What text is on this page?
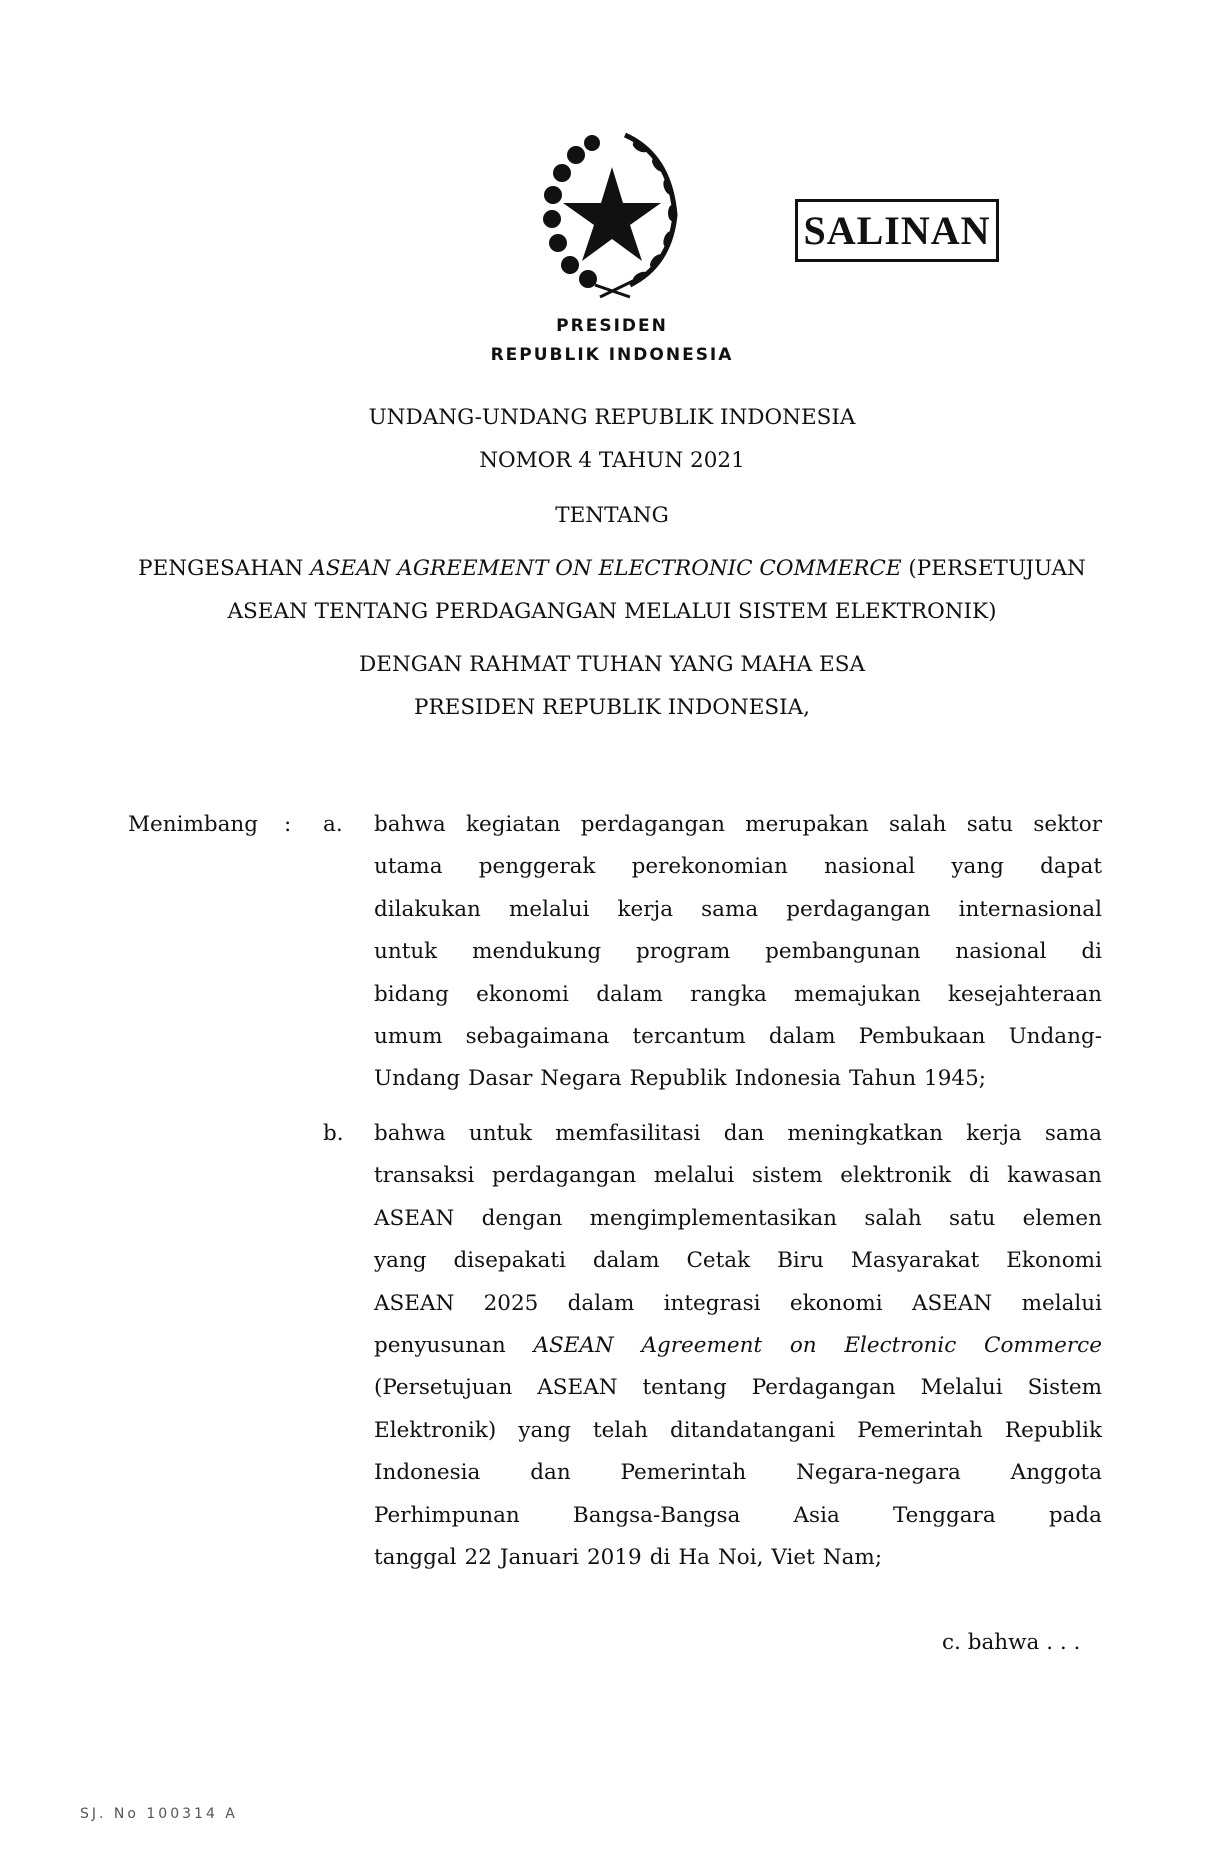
SALINAN
PRESIDEN
REPUBLIK INDONESIA
UNDANG-UNDANG REPUBLIK INDONESIA
NOMOR 4 TAHUN 2021
TENTANG
PENGESAHAN ASEAN AGREEMENT ON ELECTRONIC COMMERCE (PERSETUJUAN
ASEAN TENTANG PERDAGANGAN MELALUI SISTEM ELEKTRONIK)
DENGAN RAHMAT TUHAN YANG MAHA ESA
PRESIDEN REPUBLIK INDONESIA,
Menimbang : a.
b.
bahwa kegiatan perdagangan merupakan salah satu sektor
utama penggerak perekonomian nasional yang dapat
dilakukan melalui kerja sama perdagangan internasional
untuk mendukung program pembangunan nasional di
bidang ekonomi dalam rangka memajukan kesejahteraan
umum sebagaimana tercantum dalam Pembukaan Undang-
Undang Dasar Negara Republik Indonesia Tahun 1945;
bahwa untuk memfasilitasi dan meningkatkan kerja sama
transaksi perdagangan melalui sistem elektronik di kawasan
ASEAN dengan mengimplementasikan salah satu elemen
yang disepakati dalam Cetak Biru Masyarakat Ekonomi
ASEAN 2025 dalam integrasi ekonomi ASEAN melalui
penyusunan ASEAN Agreement on Electronic Commerce
(Persetujuan ASEAN tentang Perdagangan Melalui Sistem
Elektronik) yang telah ditandatangani Pemerintah Republik
Indonesia dan Pemerintah Negara-negara Anggota
Perhimpunan Bangsa-Bangsa Asia Tenggara pada
tanggal 22 Januari 2019 di Ha Noi, Viet Nam;
c. bahwa . . .
SJ. No 100314 A
